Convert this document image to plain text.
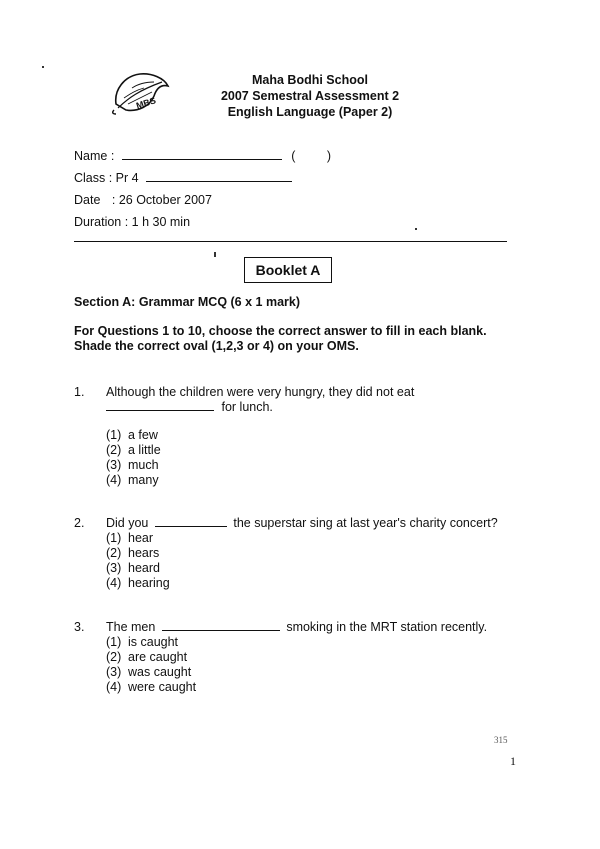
MBS
Maha Bodhi School
2007 Semestral Assessment 2
English Language (Paper 2)
Name :	(	)
Class : Pr 4
Date : 26 October 2007
Duration : 1 h 30 min
Booklet A
Section A: Grammar MCQ (6 x 1 mark)
For Questions 1 to 10, choose the correct answer to fill in each blank.
Shade the correct oval (1,2,3 or 4) on your OMS.
1. Although the children were very hungry, they did not eat
for lunch.
(1) a few
(2) a little
(3) much
(4) many
2. Did you	the superstar sing at last year's charity concert?
(1) hear
(2) hears
(3) heard
(4) hearing
3. The men	smoking in the MRT station recently.
(1) is caught
(2) are caught
(3) was caught
(4) were caught
315
1
